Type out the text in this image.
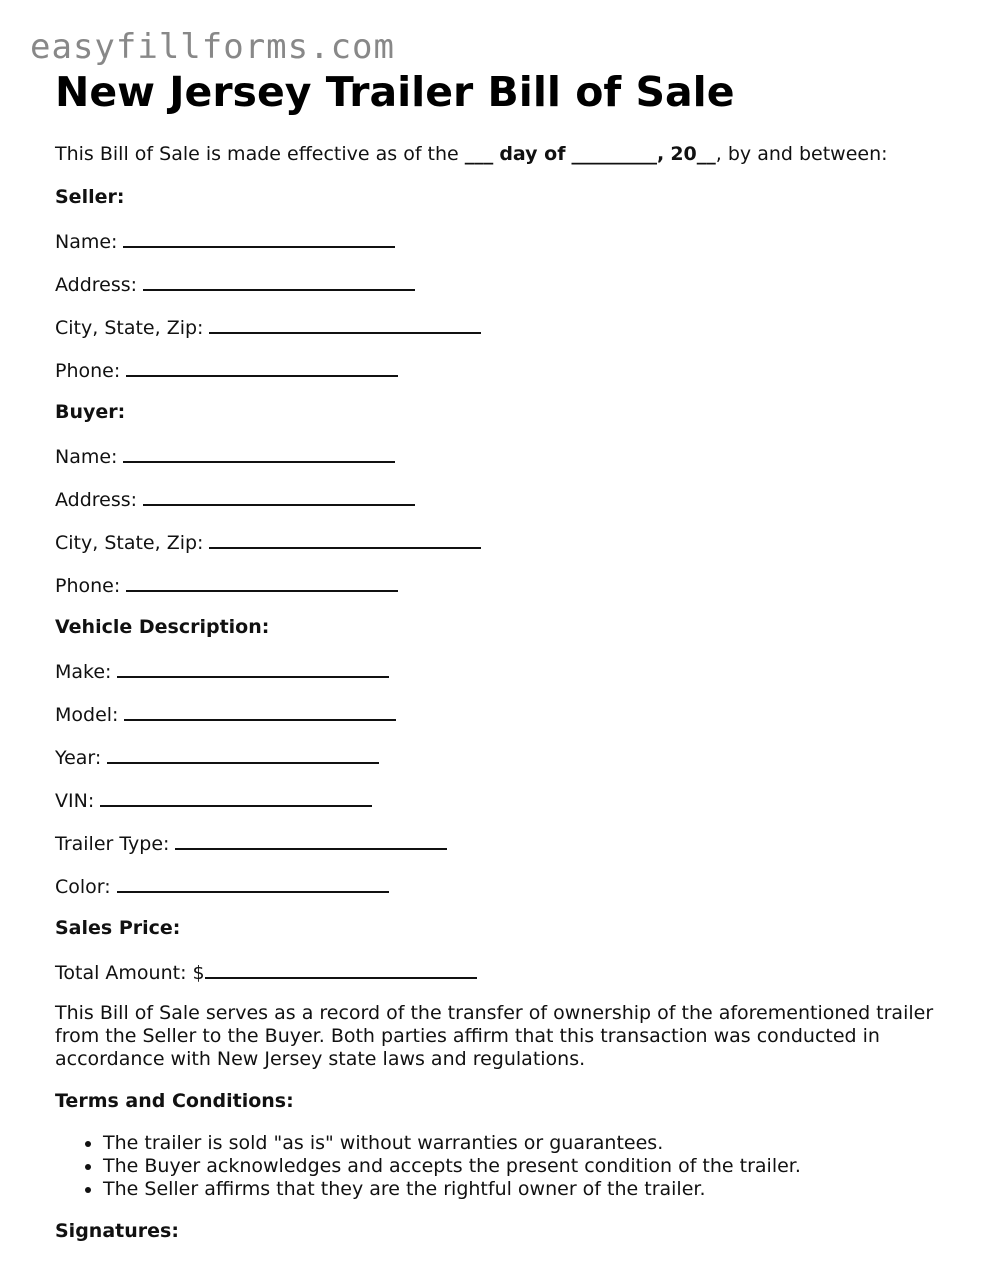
easyfillforms.com
New Jersey Trailer Bill of Sale
This Bill of Sale is made effective as of the ___ day of _________, 20__, by and between:
Seller:
Name:
Address:
City, State, Zip:
Phone:
Buyer:
Name:
Address:
City, State, Zip:
Phone:
Vehicle Description:
Make:
Model:
Year:
VIN:
Trailer Type:
Color:
Sales Price:
Total Amount: $

This Bill of Sale serves as a record of the transfer of ownership of the aforementioned trailer from the Seller to the Buyer. Both parties affirm that this transaction was conducted in accordance with New Jersey state laws and regulations.

Terms and Conditions:
• The trailer is sold "as is" without warranties or guarantees.
• The Buyer acknowledges and accepts the present condition of the trailer.
• The Seller affirms that they are the rightful owner of the trailer.
Signatures:
